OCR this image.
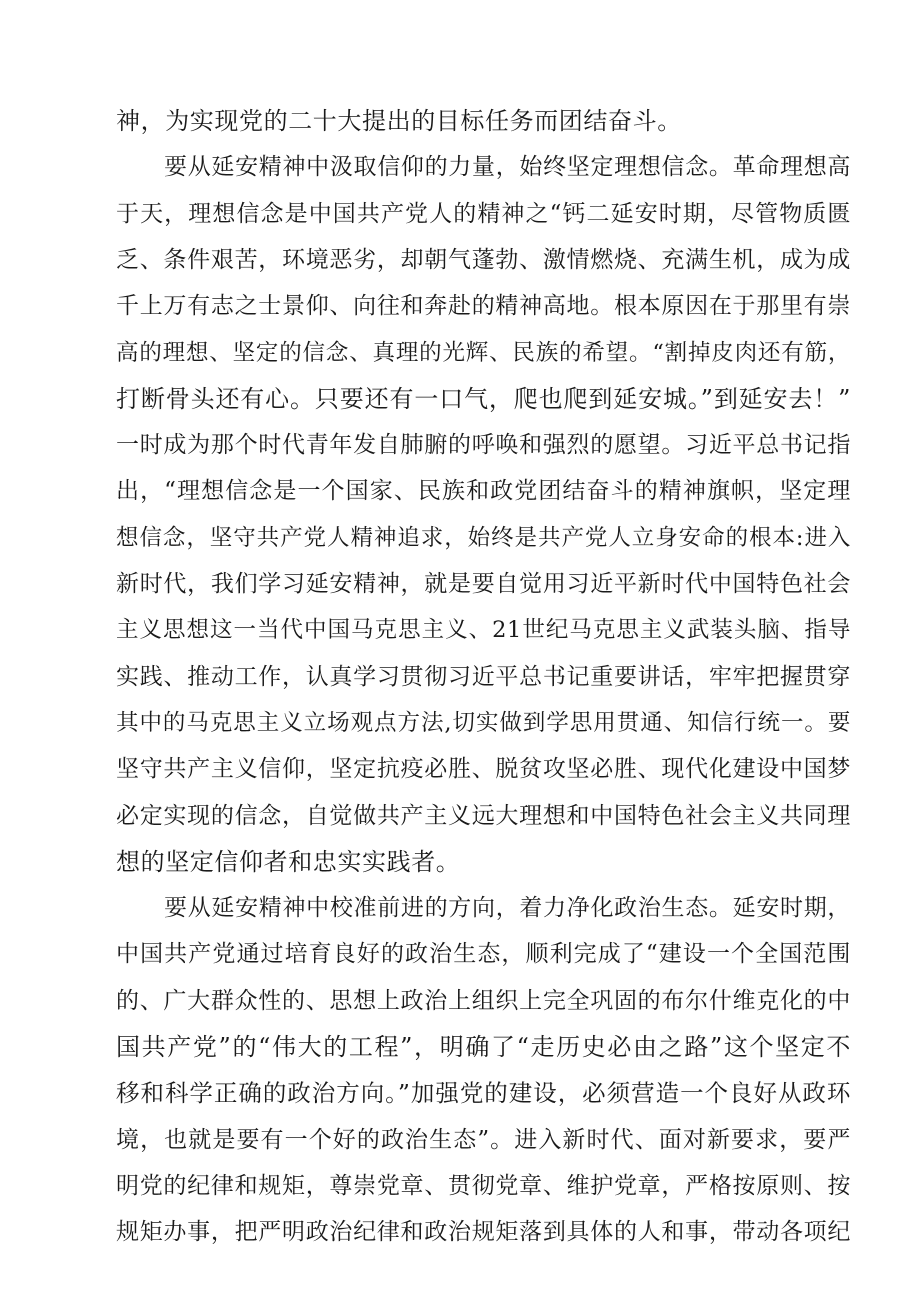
神，为实现党的二十大提出的目标任务而团结奋斗。
要从延安精神中汲取信仰的力量，始终坚定理想信念。革命理想高
于天，理想信念是中国共产党人的精神之“钙二延安时期，尽管物质匮
乏、条件艰苦，环境恶劣，却朝气蓬勃、激情燃烧、充满生机，成为成
千上万有志之士景仰、向往和奔赴的精神高地。根本原因在于那里有崇
高的理想、坚定的信念、真理的光辉、民族的希望。“割掉皮肉还有筋，
打断骨头还有心。只要还有一口气，爬也爬到延安城。”到延安去！”
一时成为那个时代青年发自肺腑的呼唤和强烈的愿望。习近平总书记指
出，“理想信念是一个国家、民族和政党团结奋斗的精神旗帜，坚定理
想信念，坚守共产党人精神追求，始终是共产党人立身安命的根本:进入
新时代，我们学习延安精神，就是要自觉用习近平新时代中国特色社会
主义思想这一当代中国马克思主义、21世纪马克思主义武装头脑、指导
实践、推动工作，认真学习贯彻习近平总书记重要讲话，牢牢把握贯穿
其中的马克思主义立场观点方法,切实做到学思用贯通、知信行统一。要
坚守共产主义信仰，坚定抗疫必胜、脱贫攻坚必胜、现代化建设中国梦
必定实现的信念，自觉做共产主义远大理想和中国特色社会主义共同理
想的坚定信仰者和忠实实践者。
要从延安精神中校准前进的方向，着力净化政治生态。延安时期，
中国共产党通过培育良好的政治生态，顺利完成了“建设一个全国范围
的、广大群众性的、思想上政治上组织上完全巩固的布尔什维克化的中
国共产党”的“伟大的工程”，明确了“走历史必由之路”这个坚定不
移和科学正确的政治方向。”加强党的建设，必须营造一个良好从政环
境，也就是要有一个好的政治生态”。进入新时代、面对新要求，要严
明党的纪律和规矩，尊崇党章、贯彻党章、维护党章，严格按原则、按
规矩办事，把严明政治纪律和政治规矩落到具体的人和事，带动各项纪
